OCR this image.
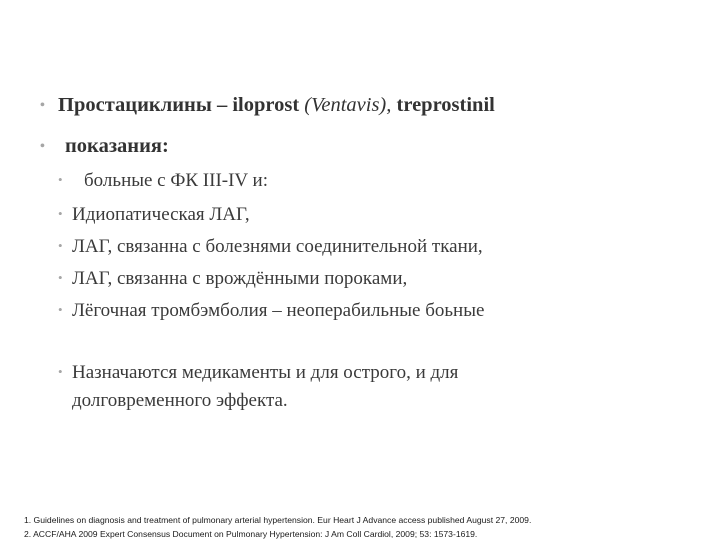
• Простациклины – iloprost (Ventavis), treprostinil
• показания:
• больные с ФК III-IV и:
• Идиопатическая ЛАГ,
• ЛАГ, связанна с болезнями соединительной ткани,
• ЛАГ, связанна с врождёнными пороками,
• Лёгочная тромбэмболия – неоперабильные боьные
• Назначаются медикаменты и для острого, и для
долговременного эффекта.
1. Guidelines on diagnosis and treatment of pulmonary arterial hypertension. Eur Heart J Advance access published August 27, 2009.
2. ACCF/AHA 2009 Expert Consensus Document on Pulmonary Hypertension: J Am Coll Cardiol, 2009; 53: 1573-1619.
